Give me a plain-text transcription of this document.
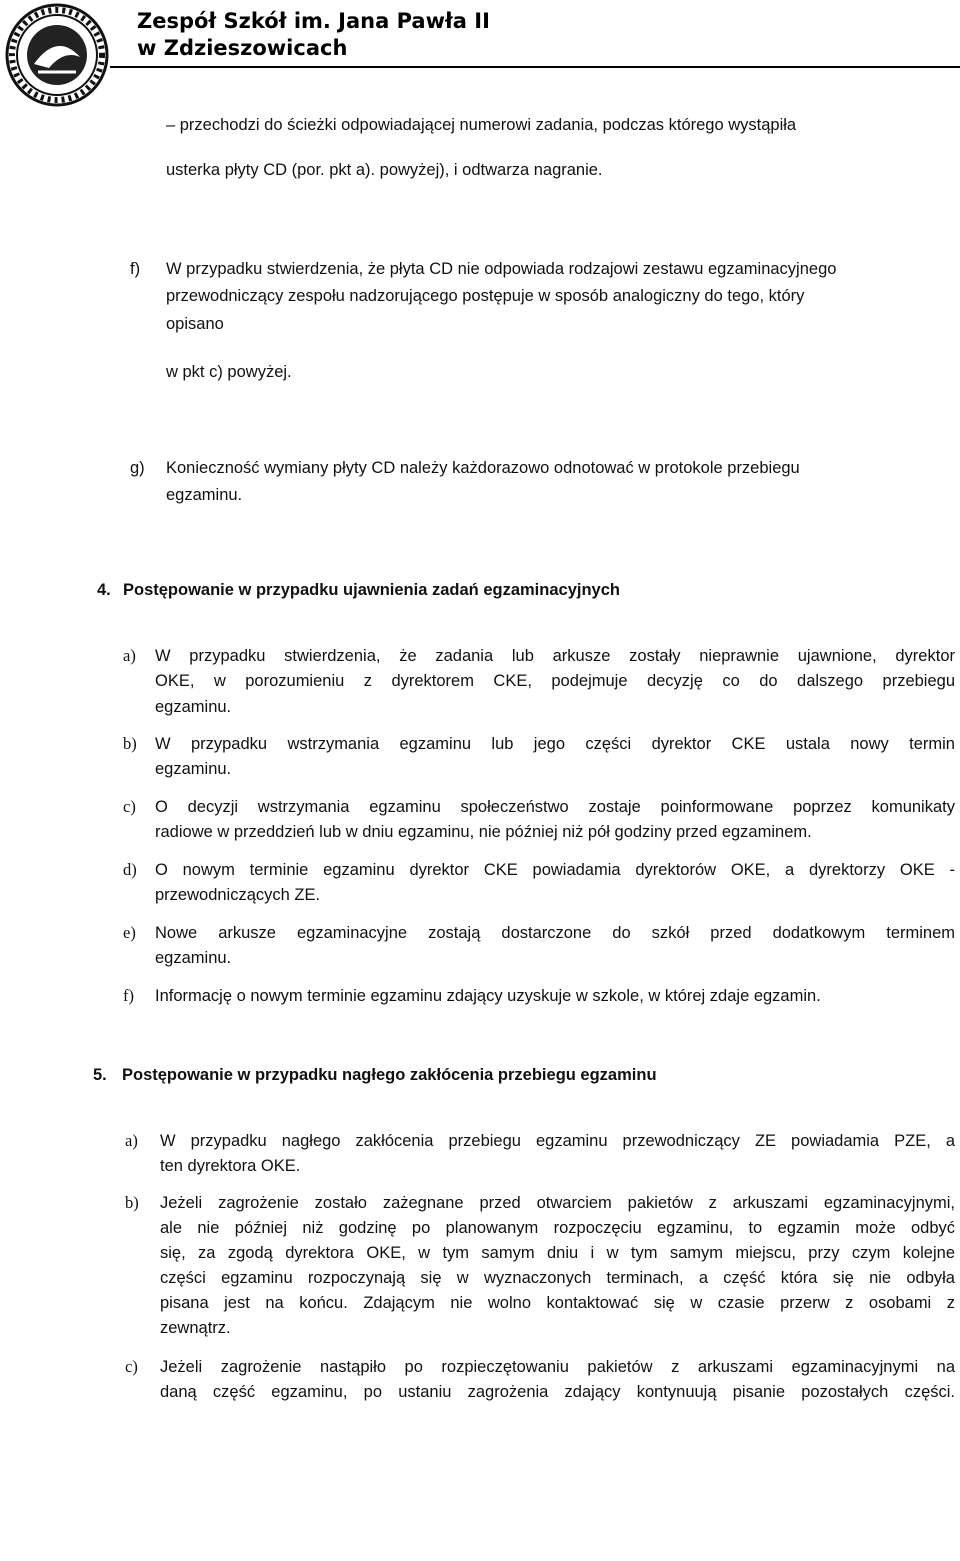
Zespół Szkół im. Jana Pawła II
w Zdzieszowicach
– przechodzi do ścieżki odpowiadającej numerowi zadania, podczas którego wystąpiła
usterka płyty CD (por. pkt a). powyżej), i odtwarza nagranie.
f) W przypadku stwierdzenia, że płyta CD nie odpowiada rodzajowi zestawu egzaminacyjnego
przewodniczący zespołu nadzorującego postępuje w sposób analogiczny do tego, który
opisano
w pkt c) powyżej.
g) Konieczność wymiany płyty CD należy każdorazowo odnotować w protokole przebiegu
egzaminu.
4. Postępowanie w przypadku ujawnienia zadań egzaminacyjnych
a) W przypadku stwierdzenia, że zadania lub arkusze zostały nieprawnie ujawnione, dyrektor
OKE, w porozumieniu z dyrektorem CKE, podejmuje decyzję co do dalszego przebiegu
egzaminu.
b) W przypadku wstrzymania egzaminu lub jego części dyrektor CKE ustala nowy termin
egzaminu.
c) O decyzji wstrzymania egzaminu społeczeństwo zostaje poinformowane poprzez komunikaty
radiowe w przeddzień lub w dniu egzaminu, nie później niż pół godziny przed egzaminem.
d) O nowym terminie egzaminu dyrektor CKE powiadamia dyrektorów OKE, a dyrektorzy OKE -
przewodniczących ZE.
e) Nowe arkusze egzaminacyjne zostają dostarczone do szkół przed dodatkowym terminem
egzaminu.
f) Informację o nowym terminie egzaminu zdający uzyskuje w szkole, w której zdaje egzamin.
5. Postępowanie w przypadku nagłego zakłócenia przebiegu egzaminu
a) W przypadku nagłego zakłócenia przebiegu egzaminu przewodniczący ZE powiadamia PZE, a
ten dyrektora OKE.
b) Jeżeli zagrożenie zostało zażegnane przed otwarciem pakietów z arkuszami egzaminacyjnymi,
ale nie później niż godzinę po planowanym rozpoczęciu egzaminu, to egzamin może odbyć
się, za zgodą dyrektora OKE, w tym samym dniu i w tym samym miejscu, przy czym kolejne
części egzaminu rozpoczynają się w wyznaczonych terminach, a część która się nie odbyła
pisana jest na końcu. Zdającym nie wolno kontaktować się w czasie przerw z osobami z
zewnątrz.
c) Jeżeli zagrożenie nastąpiło po rozpieczętowaniu pakietów z arkuszami egzaminacyjnymi na
daną część egzaminu, po ustaniu zagrożenia zdający kontynuują pisanie pozostałych części.
